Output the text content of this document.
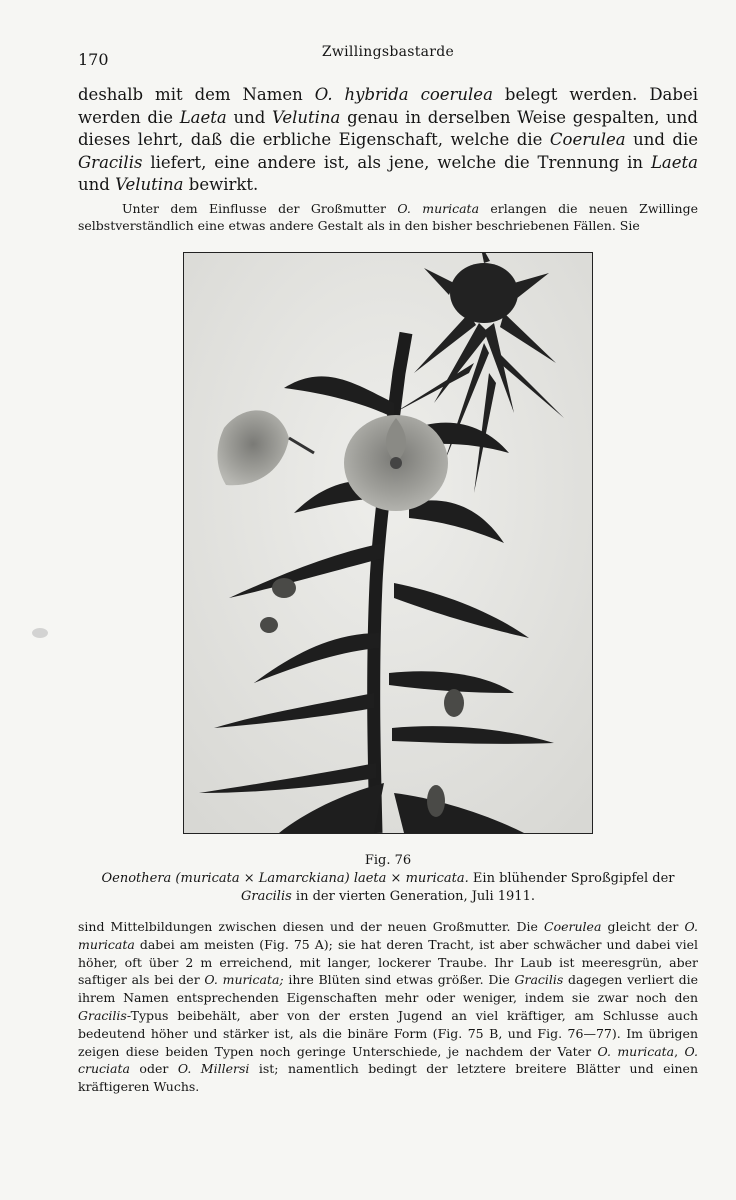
170	Zwillingsbastarde

deshalb mit dem Namen O. hybrida coerulea belegt werden. Dabei werden die Laeta und Velutina genau in derselben Weise gespalten, und dieses lehrt, daß die erbliche Eigenschaft, welche die Coerulea und die Gracilis liefert, eine andere ist, als jene, welche die Trennung in Laeta und Velutina bewirkt.

Unter dem Einflusse der Großmutter O. muricata erlangen die neuen Zwillinge selbstverständlich eine etwas andere Gestalt als in den bisher beschriebenen Fällen. Sie

Fig. 76
Oenothera (muricata × Lamarckiana) laeta × muricata. Ein blühender Sproßgipfel der
Gracilis in der vierten Generation, Juli 1911.

sind Mittelbildungen zwischen diesen und der neuen Großmutter. Die Coerulea gleicht der O. muricata dabei am meisten (Fig. 75 A); sie hat deren Tracht, ist aber schwächer und dabei viel höher, oft über 2 m erreichend, mit langer, lockerer Traube. Ihr Laub ist meeresgrün, aber saftiger als bei der O. muricata; ihre Blüten sind etwas größer. Die Gracilis dagegen verliert die ihrem Namen entsprechenden Eigenschaften mehr oder weniger, indem sie zwar noch den Gracilis-Typus beibehält, aber von der ersten Jugend an viel kräftiger, am Schlusse auch bedeutend höher und stärker ist, als die binäre Form (Fig. 75 B, und Fig. 76—77). Im übrigen zeigen diese beiden Typen noch geringe Unterschiede, je nachdem der Vater O. muricata, O. cruciata oder O. Millersi ist; namentlich bedingt der letztere breitere Blätter und einen kräftigeren Wuchs.
